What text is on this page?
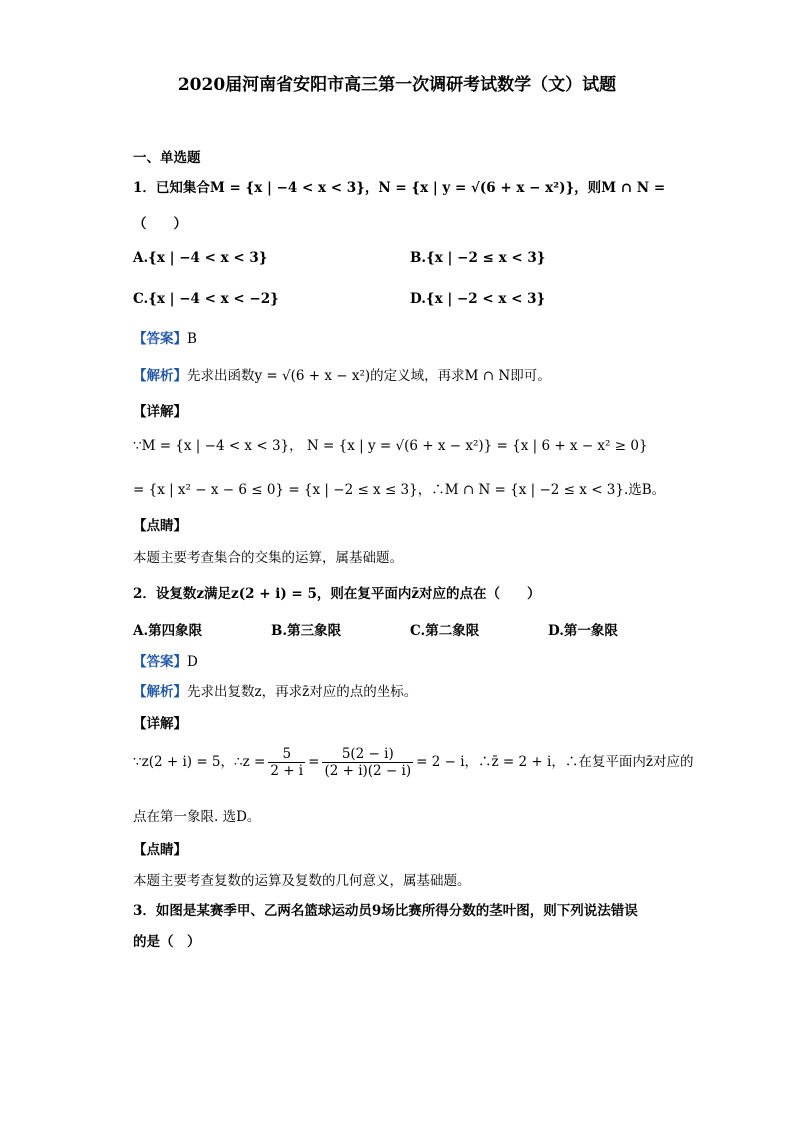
2020届河南省安阳市高三第一次调研考试数学（文）试题
一、单选题
1．已知集合M = {x | −4 < x < 3}，N = {x | y = √(6 + x − x²)}，则M ∩ N =
（　　）
A.{x | −4 < x < 3}	B.{x | −2 ≤ x < 3}
C.{x | −4 < x < −2}	D.{x | −2 < x < 3}
【答案】B
【解析】先求出函数y = √(6 + x − x²)的定义域，再求M ∩ N即可。
【详解】
∵M = {x | −4 < x < 3}， N = {x | y = √(6 + x − x²)} = {x | 6 + x − x² ≥ 0}
= {x | x² − x − 6 ≤ 0} = {x | −2 ≤ x ≤ 3}，∴M ∩ N = {x | −2 ≤ x < 3}.选B。
【点睛】
本题主要考查集合的交集的运算，属基础题。
2．设复数z满足z(2 + i) = 5，则在复平面内z̄对应的点在（　　）
A.第四象限	B.第三象限	C.第二象限	D.第一象限
【答案】D
【解析】先求出复数z，再求z̄对应的点的坐标。
【详解】
∵z(2 + i) = 5，∴z = $\frac{5}{2 + i} = \frac{5(2 - i)}{(2 + i)(2 - i)} = 2 - i$，∴z̄ = 2 + i，∴在复平面内z̄对应的
点在第一象限. 选D。
【点睛】
本题主要考查复数的运算及复数的几何意义，属基础题。
3．如图是某赛季甲、乙两名篮球运动员9场比赛所得分数的茎叶图，则下列说法错误
的是（　）
